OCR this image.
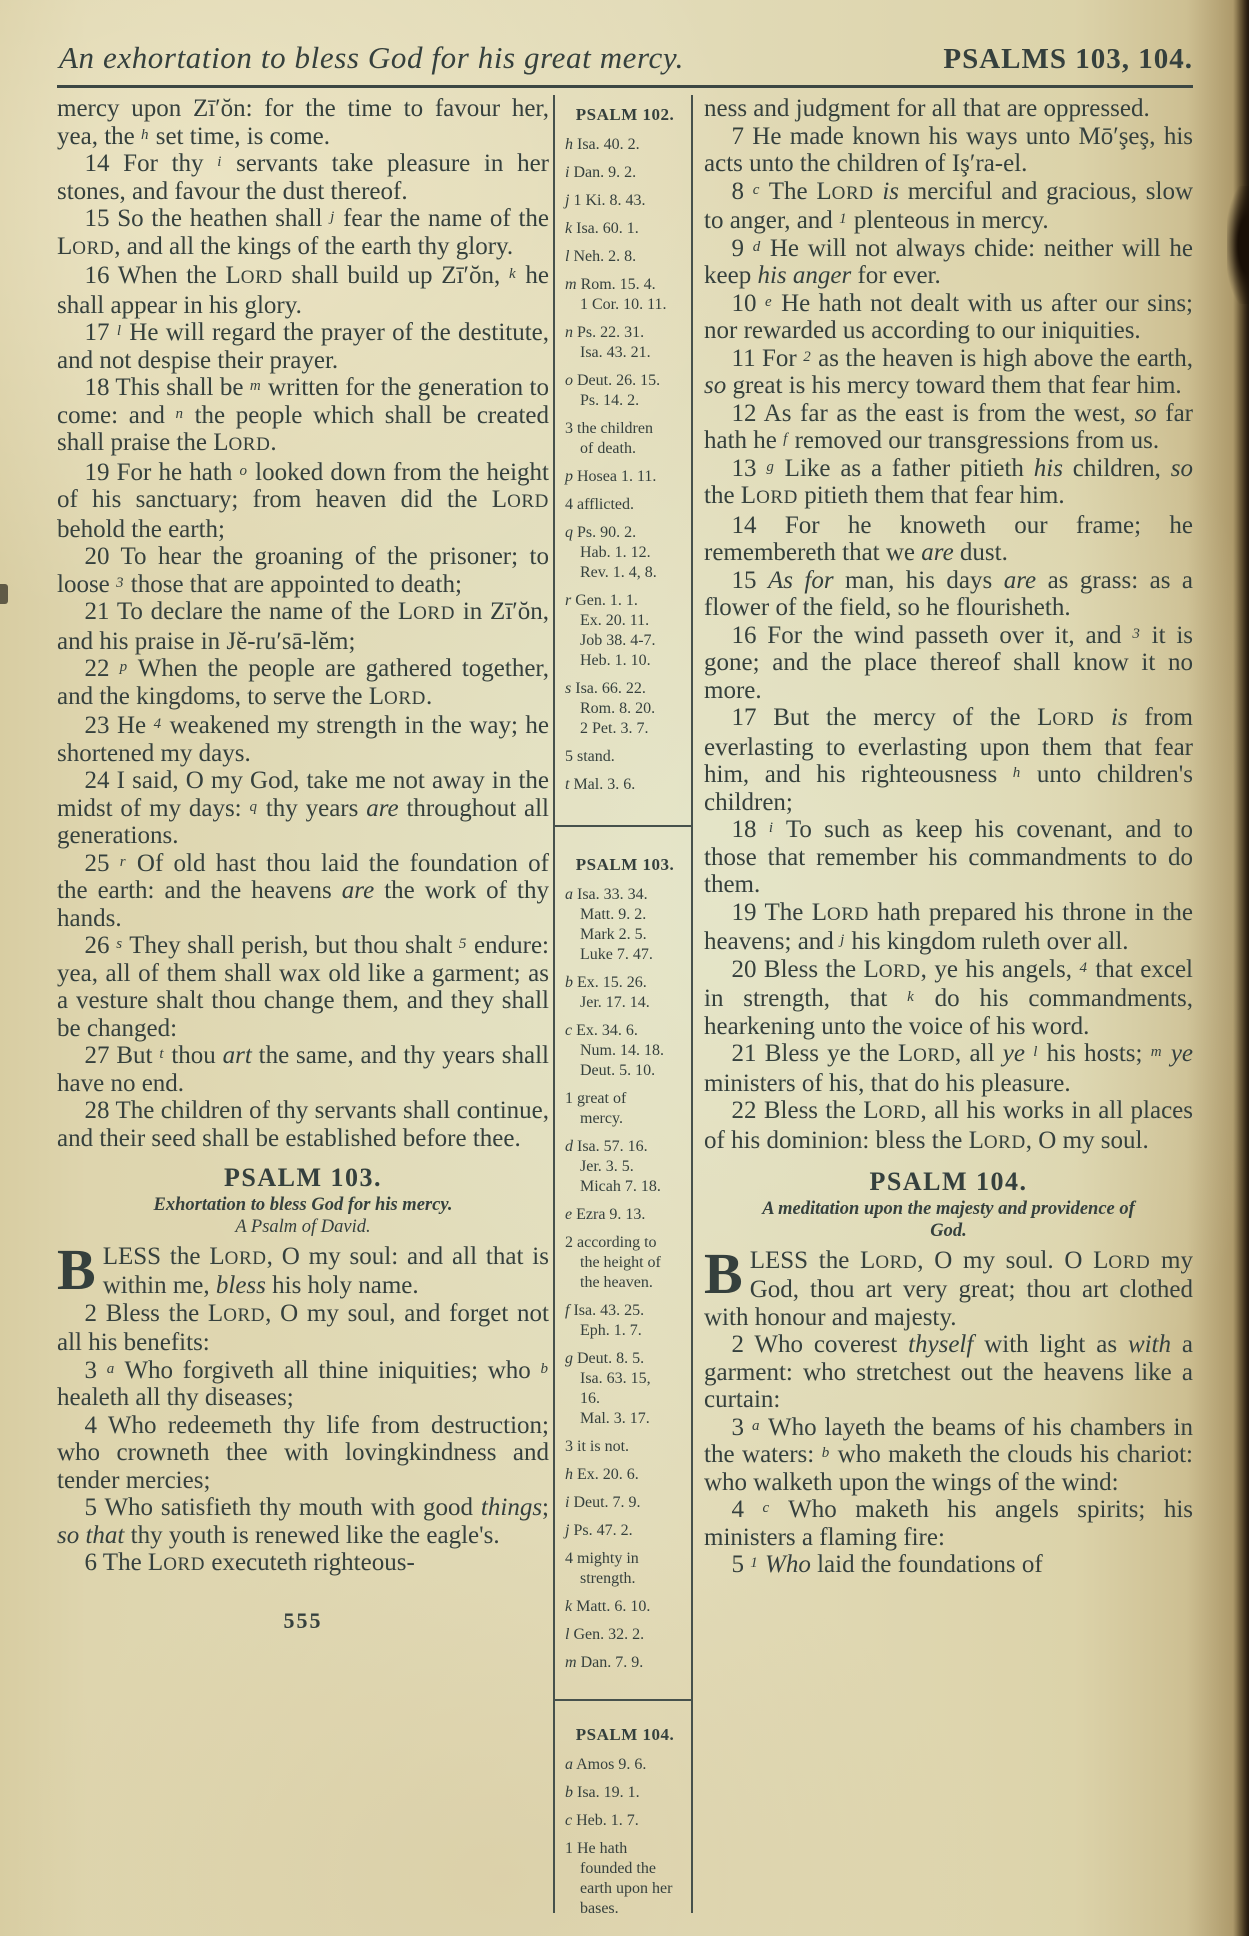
An exhortation to bless God for his great mercy.	PSALMS 103, 104.

mercy upon Zī′ŏn: for the time to favour her, yea, the $^h$ set time, is come.

14 For thy $^i$ servants take pleasure in her stones, and favour the dust thereof.

15 So the heathen shall $^j$ fear the name of the LORD, and all the kings of the earth thy glory.

16 When the LORD shall build up Zī′ŏn, $^k$ he shall appear in his glory.

17 $^l$ He will regard the prayer of the destitute, and not despise their prayer.

18 This shall be $^m$ written for the generation to come: and $^n$ the people which shall be created shall praise the LORD.

19 For he hath $^o$ looked down from the height of his sanctuary; from heaven did the LORD behold the earth;

20 To hear the groaning of the prisoner; to loose $^3$ those that are appointed to death;

21 To declare the name of the LORD in Zī′ŏn, and his praise in Jĕ-ru′sā-lĕm;

22 $^p$ When the people are gathered together, and the kingdoms, to serve the LORD.

23 He $^4$ weakened my strength in the way; he shortened my days.

24 I said, O my God, take me not away in the midst of my days: $^q$ thy years are throughout all generations.

25 $^r$ Of old hast thou laid the foundation of the earth: and the heavens are the work of thy hands.

26 $^s$ They shall perish, but thou shalt $^5$ endure: yea, all of them shall wax old like a garment; as a vesture shalt thou change them, and they shall be changed:

27 But $^t$ thou art the same, and thy years shall have no end.

28 The children of thy servants shall continue, and their seed shall be established before thee.

PSALM 103.
Exhortation to bless God for his mercy.
A Psalm of David.

B LESS the LORD, O my soul: and all that is within me, bless his holy name.

2 Bless the LORD, O my soul, and forget not all his benefits:

3 $^a$ Who forgiveth all thine iniquities; who $^b$ healeth all thy diseases;

4 Who redeemeth thy life from destruction; who crowneth thee with lovingkindness and tender mercies;

5 Who satisfieth thy mouth with good things; so that thy youth is renewed like the eagle's.

6 The LORD executeth righteous-

555
PSALM 102.
h Isa. 40. 2.
i Dan. 9. 2.
j 1 Ki. 8. 43.
k Isa. 60. 1.
l Neh. 2. 8.
m Rom. 15. 4.
1 Cor. 10. 11.
n Ps. 22. 31.
Isa. 43. 21.
o Deut. 26. 15.
Ps. 14. 2.
3 the children
of death.
p Hosea 1. 11.
4 afflicted.
q Ps. 90. 2.
Hab. 1. 12.
Rev. 1. 4, 8.
r Gen. 1. 1.
Ex. 20. 11.
Job 38. 4-7.
Heb. 1. 10.
s Isa. 66. 22.
Rom. 8. 20.
2 Pet. 3. 7.
5 stand.
t Mal. 3. 6.
PSALM 103.
a Isa. 33. 34.
Matt. 9. 2.
Mark 2. 5.
Luke 7. 47.
b Ex. 15. 26.
Jer. 17. 14.
c Ex. 34. 6.
Num. 14. 18.
Deut. 5. 10.
1 great of
mercy.
d Isa. 57. 16.
Jer. 3. 5.
Micah 7. 18.
e Ezra 9. 13.
2 according to
the height of
the heaven.
f Isa. 43. 25.
Eph. 1. 7.
g Deut. 8. 5.
Isa. 63. 15,
16.
Mal. 3. 17.
3 it is not.
h Ex. 20. 6.
i Deut. 7. 9.
j Ps. 47. 2.
4 mighty in
strength.
k Matt. 6. 10.
l Gen. 32. 2.
m Dan. 7. 9.
PSALM 104.
a Amos 9. 6.
b Isa. 19. 1.
c Heb. 1. 7.
1 He hath
founded the
earth upon her
bases.

ness and judgment for all that are oppressed.

7 He made known his ways unto Mō′şeş, his acts unto the children of Iş′ra-el.

8 $^c$ The LORD is merciful and gracious, slow to anger, and $^1$ plenteous in mercy.

9 $^d$ He will not always chide: neither will he keep his anger for ever.

10 $^e$ He hath not dealt with us after our sins; nor rewarded us according to our iniquities.

11 For $^2$ as the heaven is high above the earth, so great is his mercy toward them that fear him.

12 As far as the east is from the west, so far hath he $^f$ removed our transgressions from us.

13 $^g$ Like as a father pitieth his children, so the LORD pitieth them that fear him.

14 For he knoweth our frame; he remembereth that we are dust.

15 As for man, his days are as grass: as a flower of the field, so he flourisheth.

16 For the wind passeth over it, and $^3$ it is gone; and the place thereof shall know it no more.

17 But the mercy of the LORD is from everlasting to everlasting upon them that fear him, and his righteousness $^h$ unto children's children;

18 $^i$ To such as keep his covenant, and to those that remember his commandments to do them.

19 The LORD hath prepared his throne in the heavens; and $^j$ his kingdom ruleth over all.

20 Bless the LORD, ye his angels, $^4$ that excel in strength, that $^k$ do his commandments, hearkening unto the voice of his word.

21 Bless ye the LORD, all ye $^l$ his hosts; $^m$ ye ministers of his, that do his pleasure.

22 Bless the LORD, all his works in all places of his dominion: bless the LORD, O my soul.

PSALM 104.
A meditation upon the majesty and providence of
God.

B LESS the LORD, O my soul. O LORD my God, thou art very great; thou art clothed with honour and majesty.

2 Who coverest thyself with light as with a garment: who stretchest out the heavens like a curtain:

3 $^a$ Who layeth the beams of his chambers in the waters: $^b$ who maketh the clouds his chariot: who walketh upon the wings of the wind:

4 $^c$ Who maketh his angels spirits; his ministers a flaming fire:

5 $^1$ Who laid the foundations of
